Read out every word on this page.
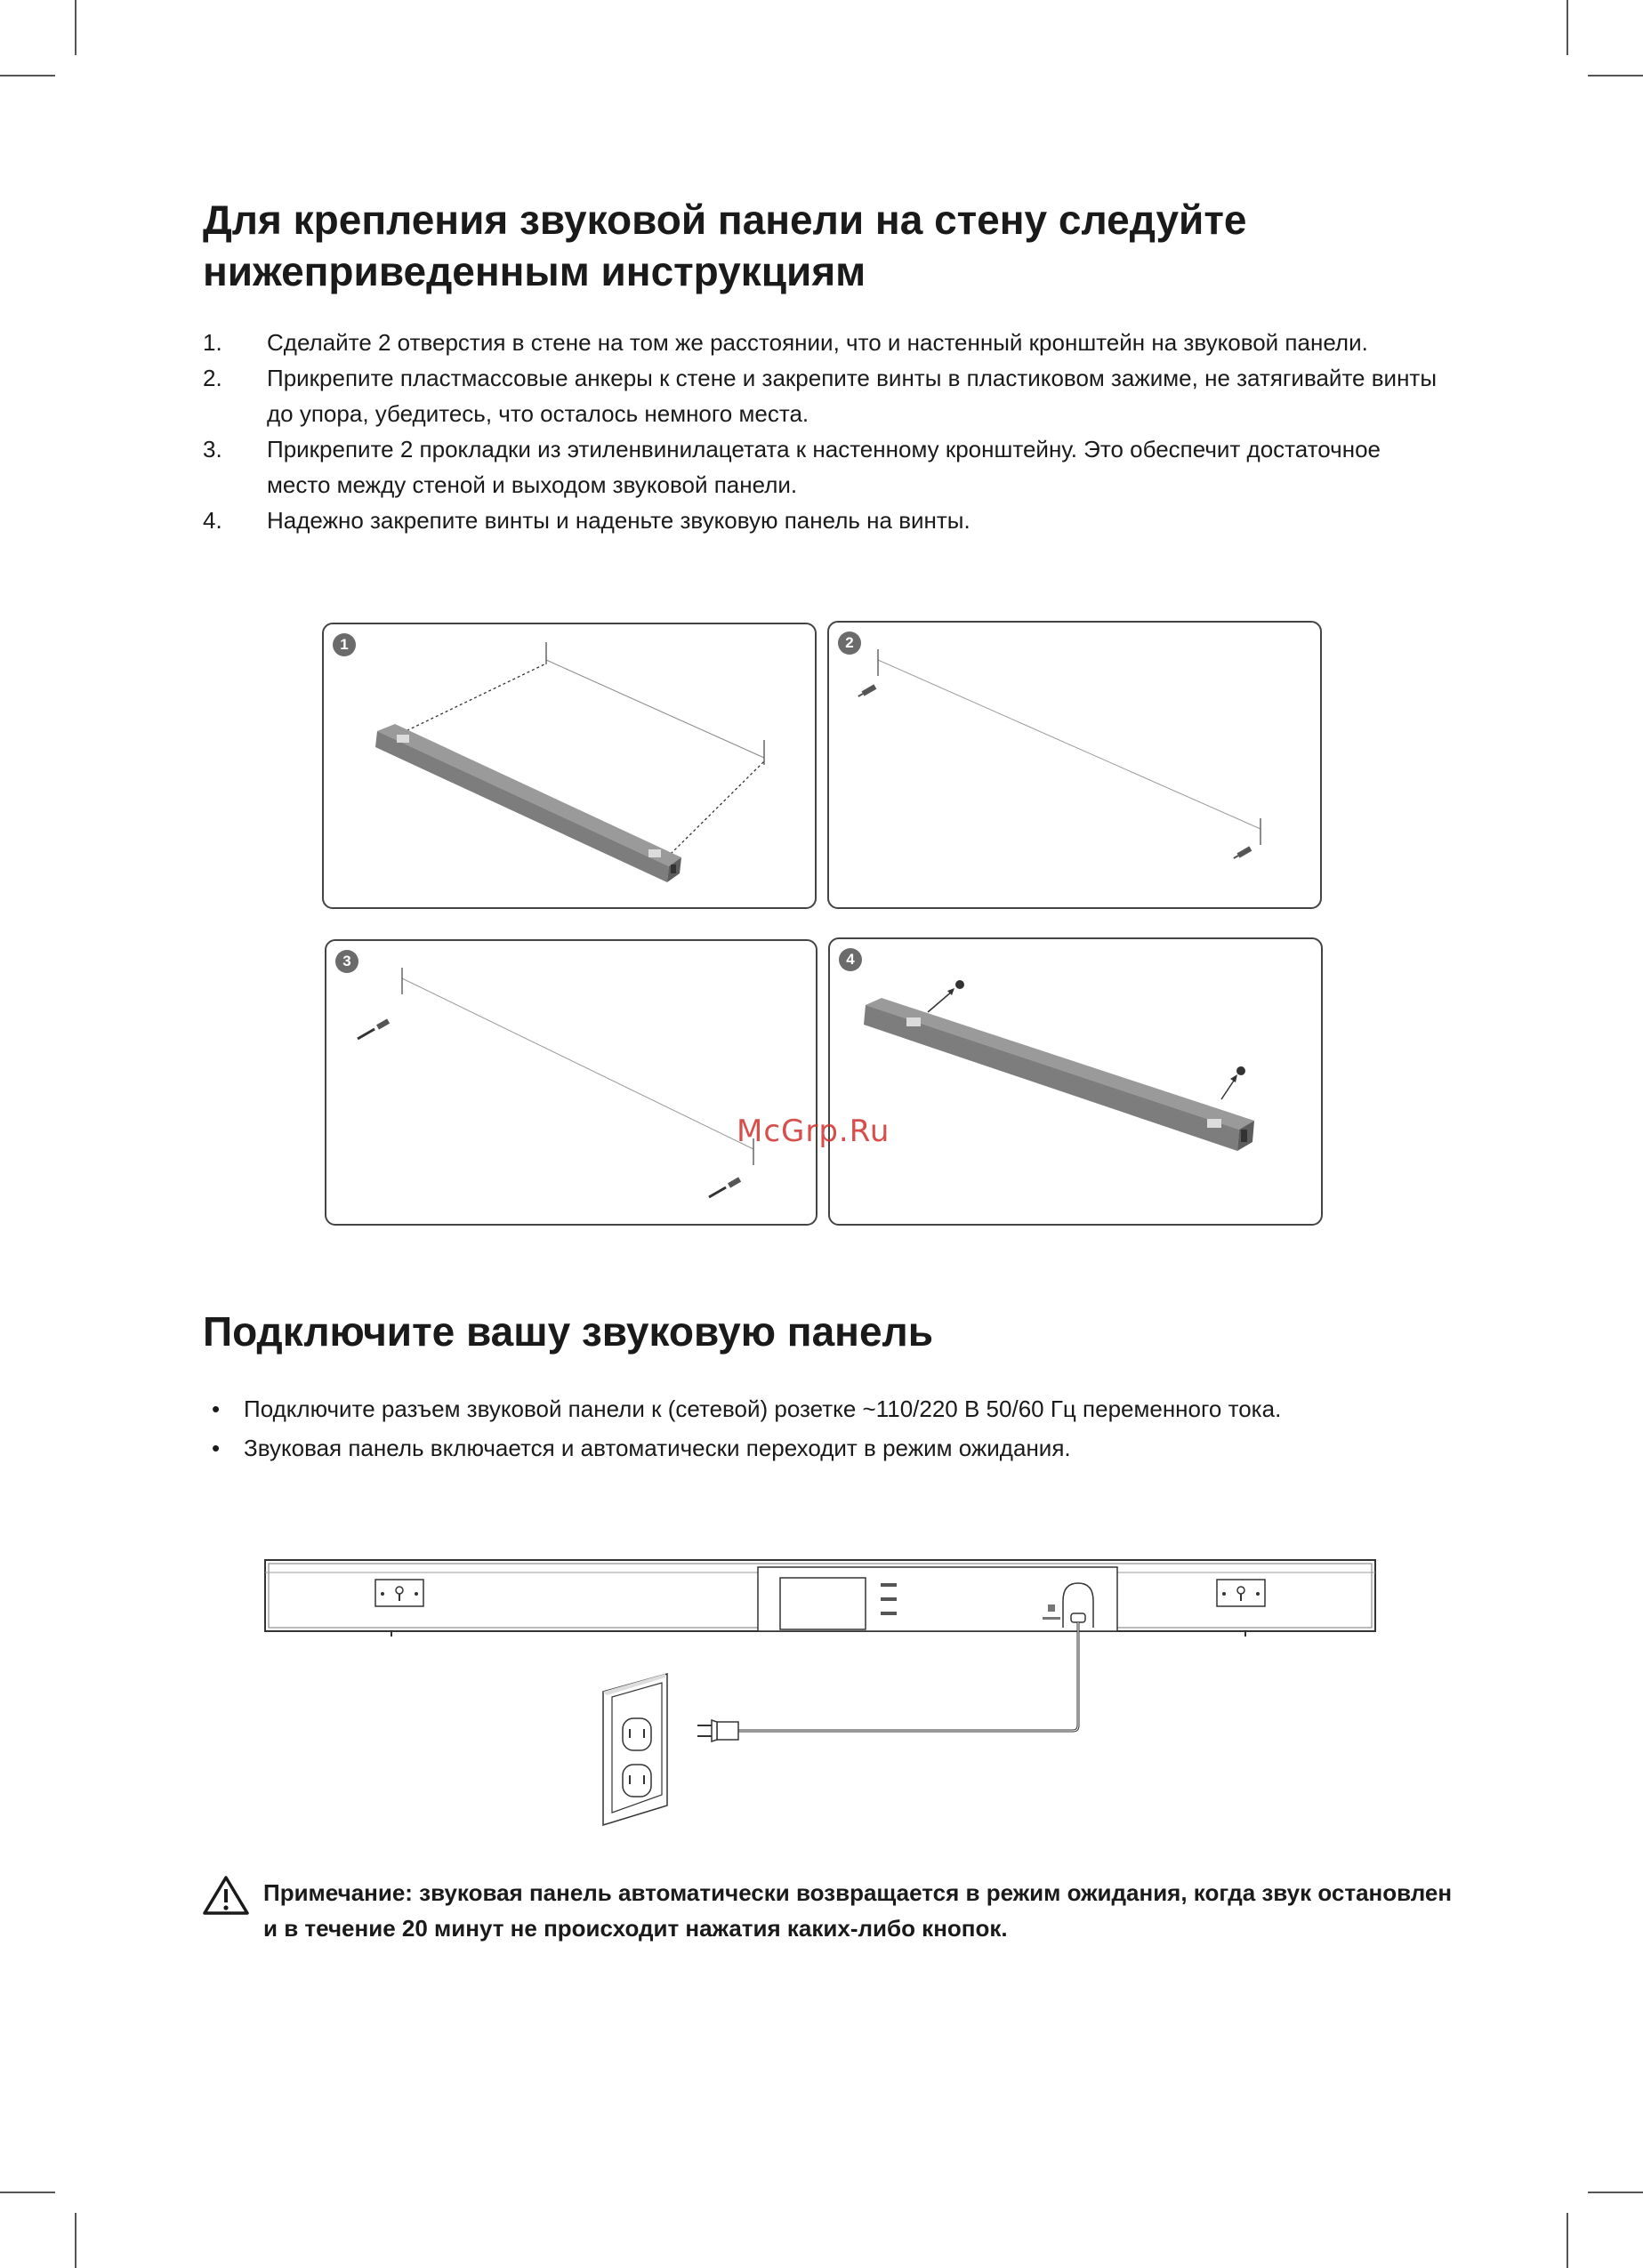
Для крепления звуковой панели на стену следуйте нижеприведенным инструкциям
1. Сделайте 2 отверстия в стене на том же расстоянии, что и настенный кронштейн на звуковой панели.
2. Прикрепите пластмассовые анкеры к стене и закрепите винты в пластиковом зажиме, не затягивайте винты до упора, убедитесь, что осталось немного места.
3. Прикрепите 2 прокладки из этиленвинилацетата к настенному кронштейну. Это обеспечит достаточное место между стеной и выходом звуковой панели.
4. Надежно закрепите винты и наденьте звуковую панель на винты.
1	2
3	4
McGrp.Ru
Подключите вашу звуковую панель
• Подключите разъем звуковой панели к (сетевой) розетке ~110/220 В 50/60 Гц переменного тока.
• Звуковая панель включается и автоматически переходит в режим ожидания.

Примечание: звуковая панель автоматически возвращается в режим ожидания, когда звук остановлен и в течение 20 минут не происходит нажатия каких-либо кнопок.
